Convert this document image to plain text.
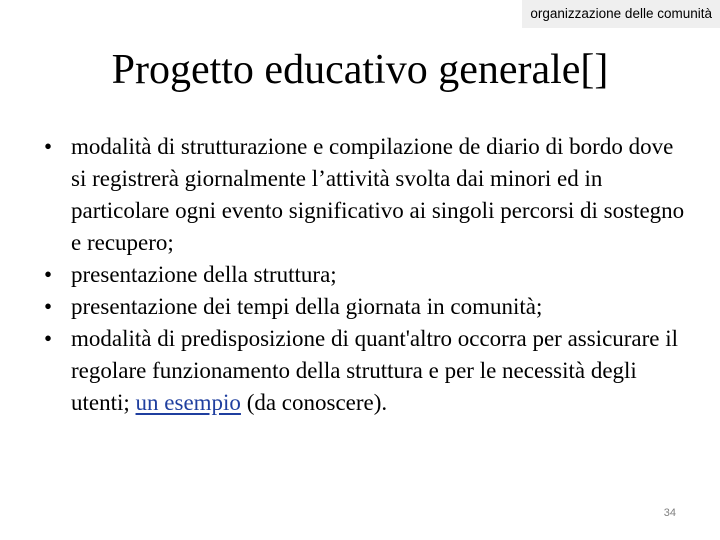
organizzazione delle comunità
Progetto educativo generale[]
• modalità di strutturazione e compilazione de diario di bordo dove si registrerà giornalmente l’attività svolta dai minori ed in particolare ogni evento significativo ai singoli percorsi di sostegno e recupero;
• presentazione della struttura;
• presentazione dei tempi della giornata in comunità;
• modalità di predisposizione di quant'altro occorra per assicurare il regolare funzionamento della struttura e per le necessità degli utenti; un esempio (da conoscere).
34
